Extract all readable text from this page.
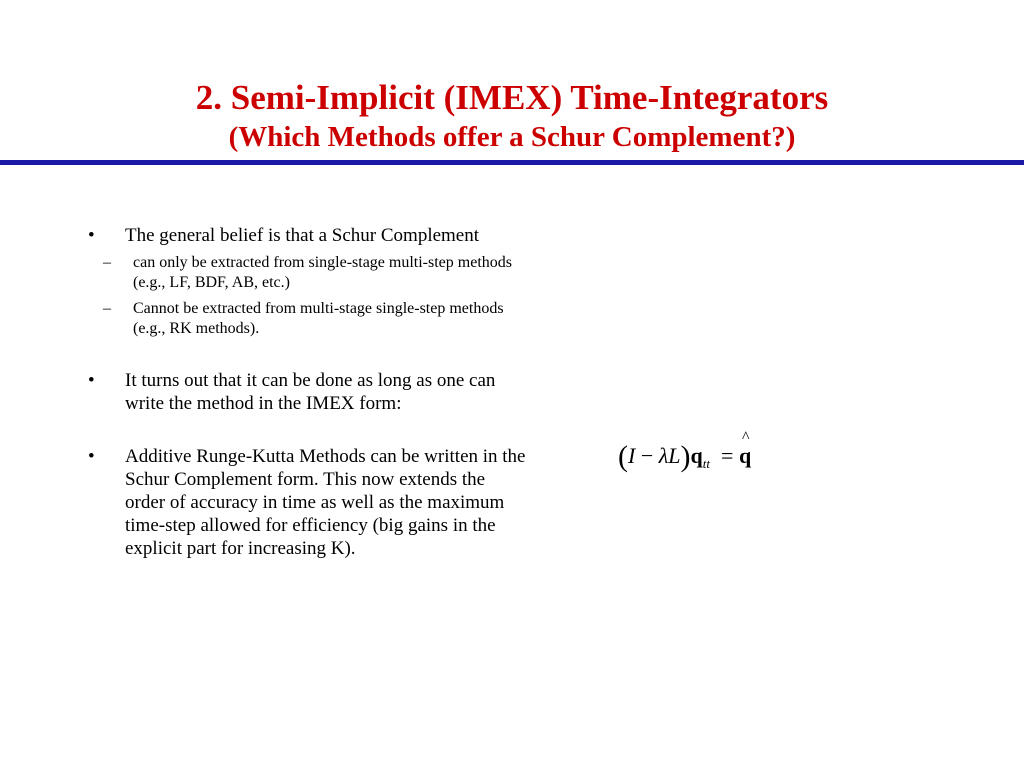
2. Semi-Implicit (IMEX) Time-Integrators
(Which Methods offer a Schur Complement?)
• The general belief is that a Schur Complement
– can only be extracted from single-stage multi-step methods (e.g., LF, BDF, AB, etc.)
– Cannot be extracted from multi-stage single-step methods (e.g., RK methods).
• It turns out that it can be done as long as one can write the method in the IMEX form:
• Additive Runge-Kutta Methods can be written in the Schur Complement form. This now extends the order of accuracy in time as well as the maximum time-step allowed for efficiency (big gains in the explicit part for increasing K).
$(I - \lambda L)q_{tt}$ = ^ q
